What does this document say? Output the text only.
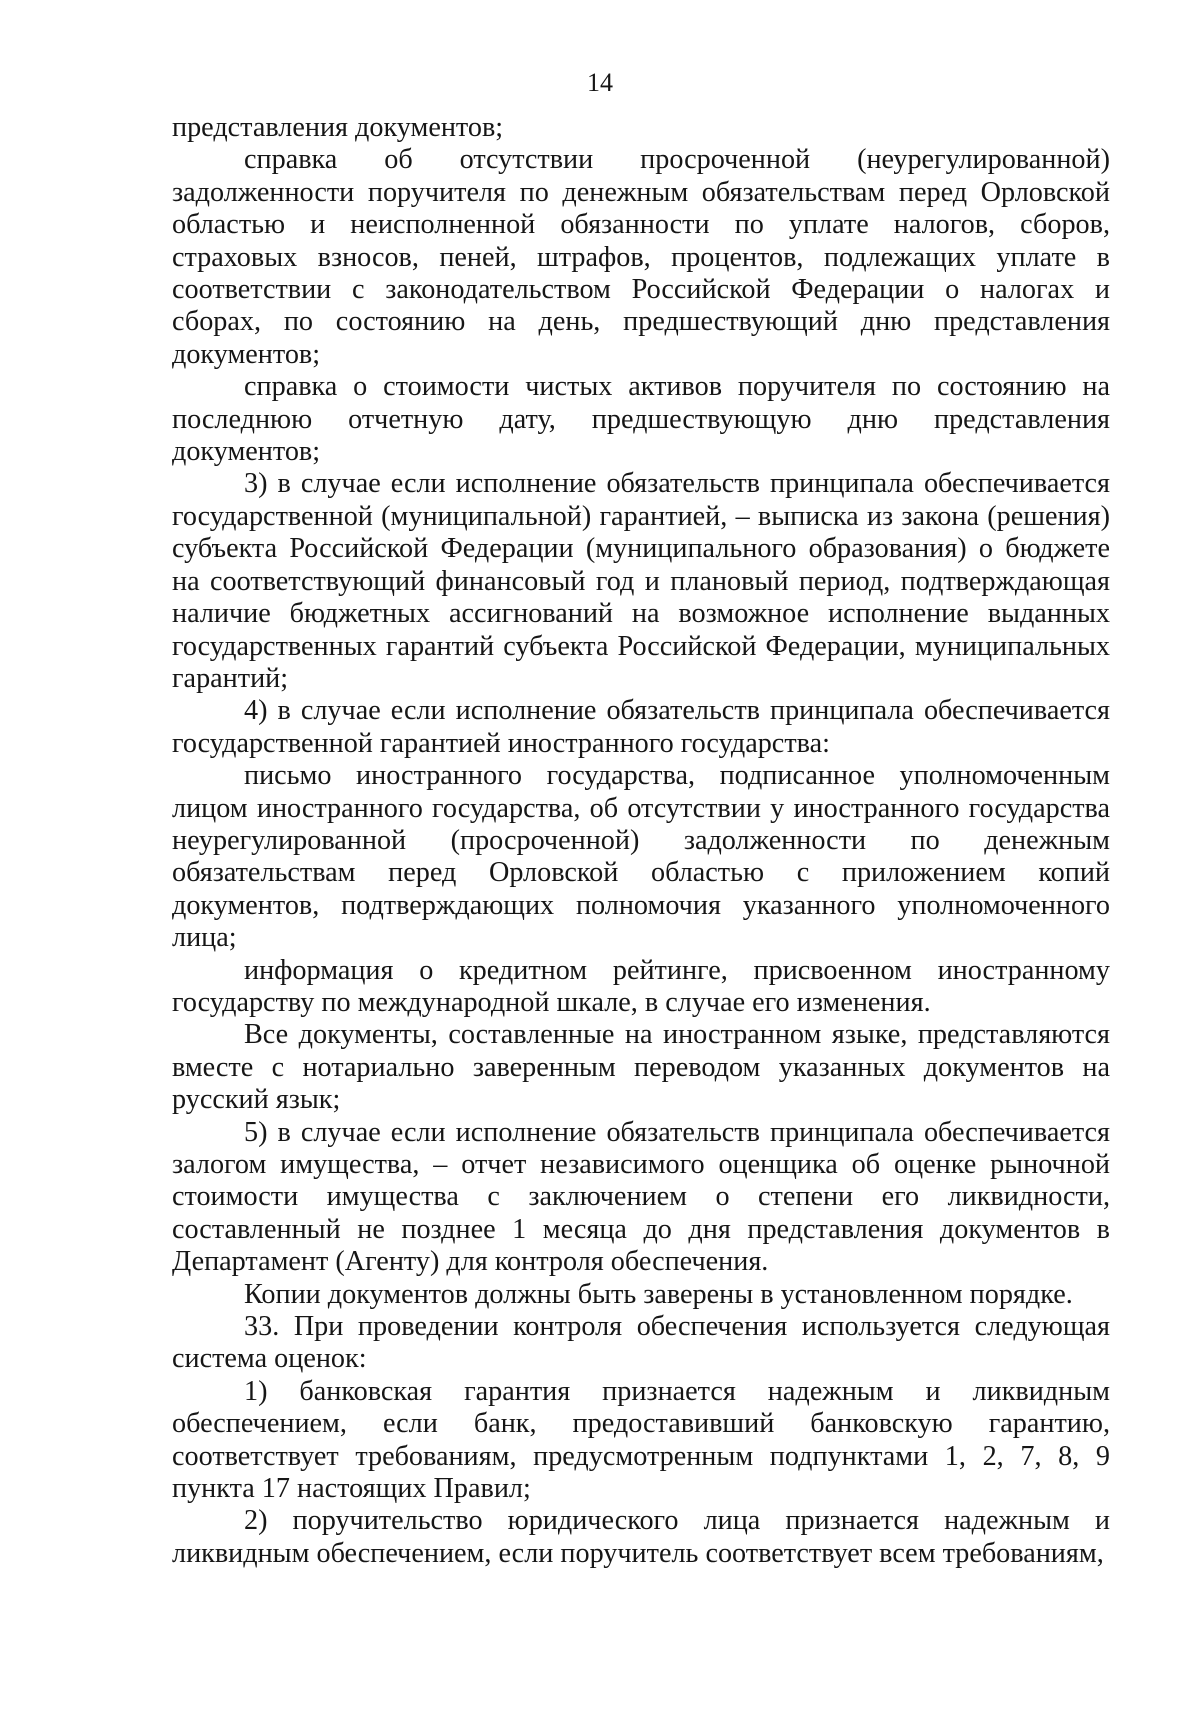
14

представления документов;

справка об отсутствии просроченной (неурегулированной) задолженности поручителя по денежным обязательствам перед Орловской областью и неисполненной обязанности по уплате налогов, сборов, страховых взносов, пеней, штрафов, процентов, подлежащих уплате в соответствии с законодательством Российской Федерации о налогах и сборах, по состоянию на день, предшествующий дню представления документов;

справка о стоимости чистых активов поручителя по состоянию на последнюю отчетную дату, предшествующую дню представления документов;

3) в случае если исполнение обязательств принципала обеспечивается государственной (муниципальной) гарантией, – выписка из закона (решения) субъекта Российской Федерации (муниципального образования) о бюджете на соответствующий финансовый год и плановый период, подтверждающая наличие бюджетных ассигнований на возможное исполнение выданных государственных гарантий субъекта Российской Федерации, муниципальных гарантий;

4) в случае если исполнение обязательств принципала обеспечивается государственной гарантией иностранного государства:

письмо иностранного государства, подписанное уполномоченным лицом иностранного государства, об отсутствии у иностранного государства неурегулированной (просроченной) задолженности по денежным обязательствам перед Орловской областью с приложением копий документов, подтверждающих полномочия указанного уполномоченного лица;

информация о кредитном рейтинге, присвоенном иностранному государству по международной шкале, в случае его изменения.

Все документы, составленные на иностранном языке, представляются вместе с нотариально заверенным переводом указанных документов на русский язык;

5) в случае если исполнение обязательств принципала обеспечивается залогом имущества, – отчет независимого оценщика об оценке рыночной стоимости имущества с заключением о степени его ликвидности, составленный не позднее 1 месяца до дня представления документов в Департамент (Агенту) для контроля обеспечения.

Копии документов должны быть заверены в установленном порядке.

33. При проведении контроля обеспечения используется следующая система оценок:

1) банковская гарантия признается надежным и ликвидным обеспечением, если банк, предоставивший банковскую гарантию, соответствует требованиям, предусмотренным подпунктами 1, 2, 7, 8, 9 пункта 17 настоящих Правил;

2) поручительство юридического лица признается надежным и ликвидным обеспечением, если поручитель соответствует всем требованиям,
